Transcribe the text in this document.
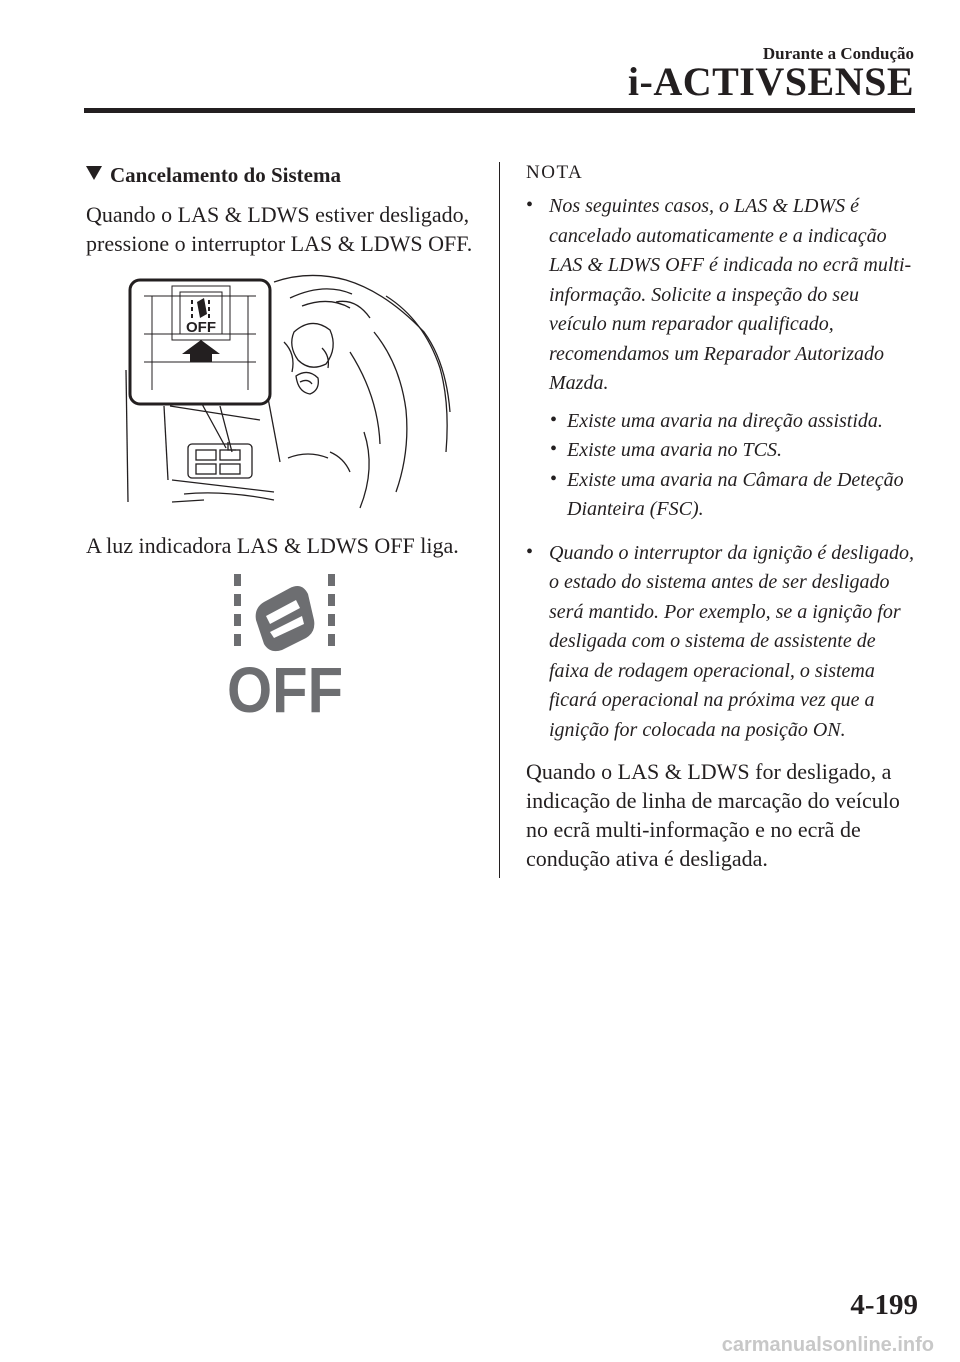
Durante a Condução
i-ACTIVSENSE
Cancelamento do Sistema

Quando o LAS & LDWS estiver desligado, pressione o interruptor LAS & LDWS OFF.

OFF

A luz indicadora LAS & LDWS OFF liga.

OFF

NOTA

• Nos seguintes casos, o LAS & LDWS é cancelado automaticamente e a indicação LAS & LDWS OFF é indicada no ecrã multi-informação. Solicite a inspeção do seu veículo num reparador qualificado, recomendamos um Reparador Autorizado Mazda.

• Existe uma avaria na direção assistida.

• Existe uma avaria no TCS.

• Existe uma avaria na Câmara de Deteção Dianteira (FSC).

• Quando o interruptor da ignição é desligado, o estado do sistema antes de ser desligado será mantido. Por exemplo, se a ignição for desligada com o sistema de assistente de faixa de rodagem operacional, o sistema ficará operacional na próxima vez que a ignição for colocada na posição ON.

Quando o LAS & LDWS for desligado, a indicação de linha de marcação do veículo no ecrã multi-informação e no ecrã de condução ativa é desligada.

4-199
carmanualsonline.info
